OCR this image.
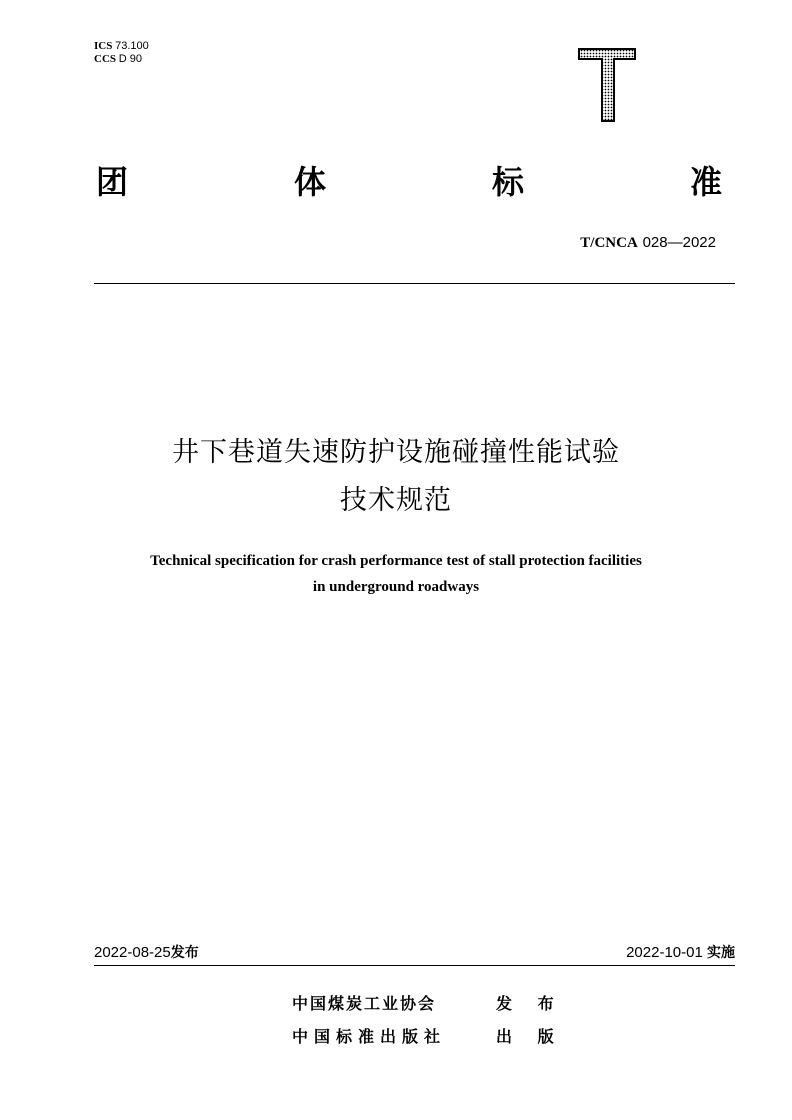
ICS 73.100
CCS D 90
团	体	标	准
T/CNCA 028—2022
井下巷道失速防护设施碰撞性能试验
技术规范
Technical specification for crash performance test of stall protection facilities
in underground roadways
2022-08-25发布	2022-10-01 实施
中国煤炭工业协会	发 布
中国标准出版社	出 版
